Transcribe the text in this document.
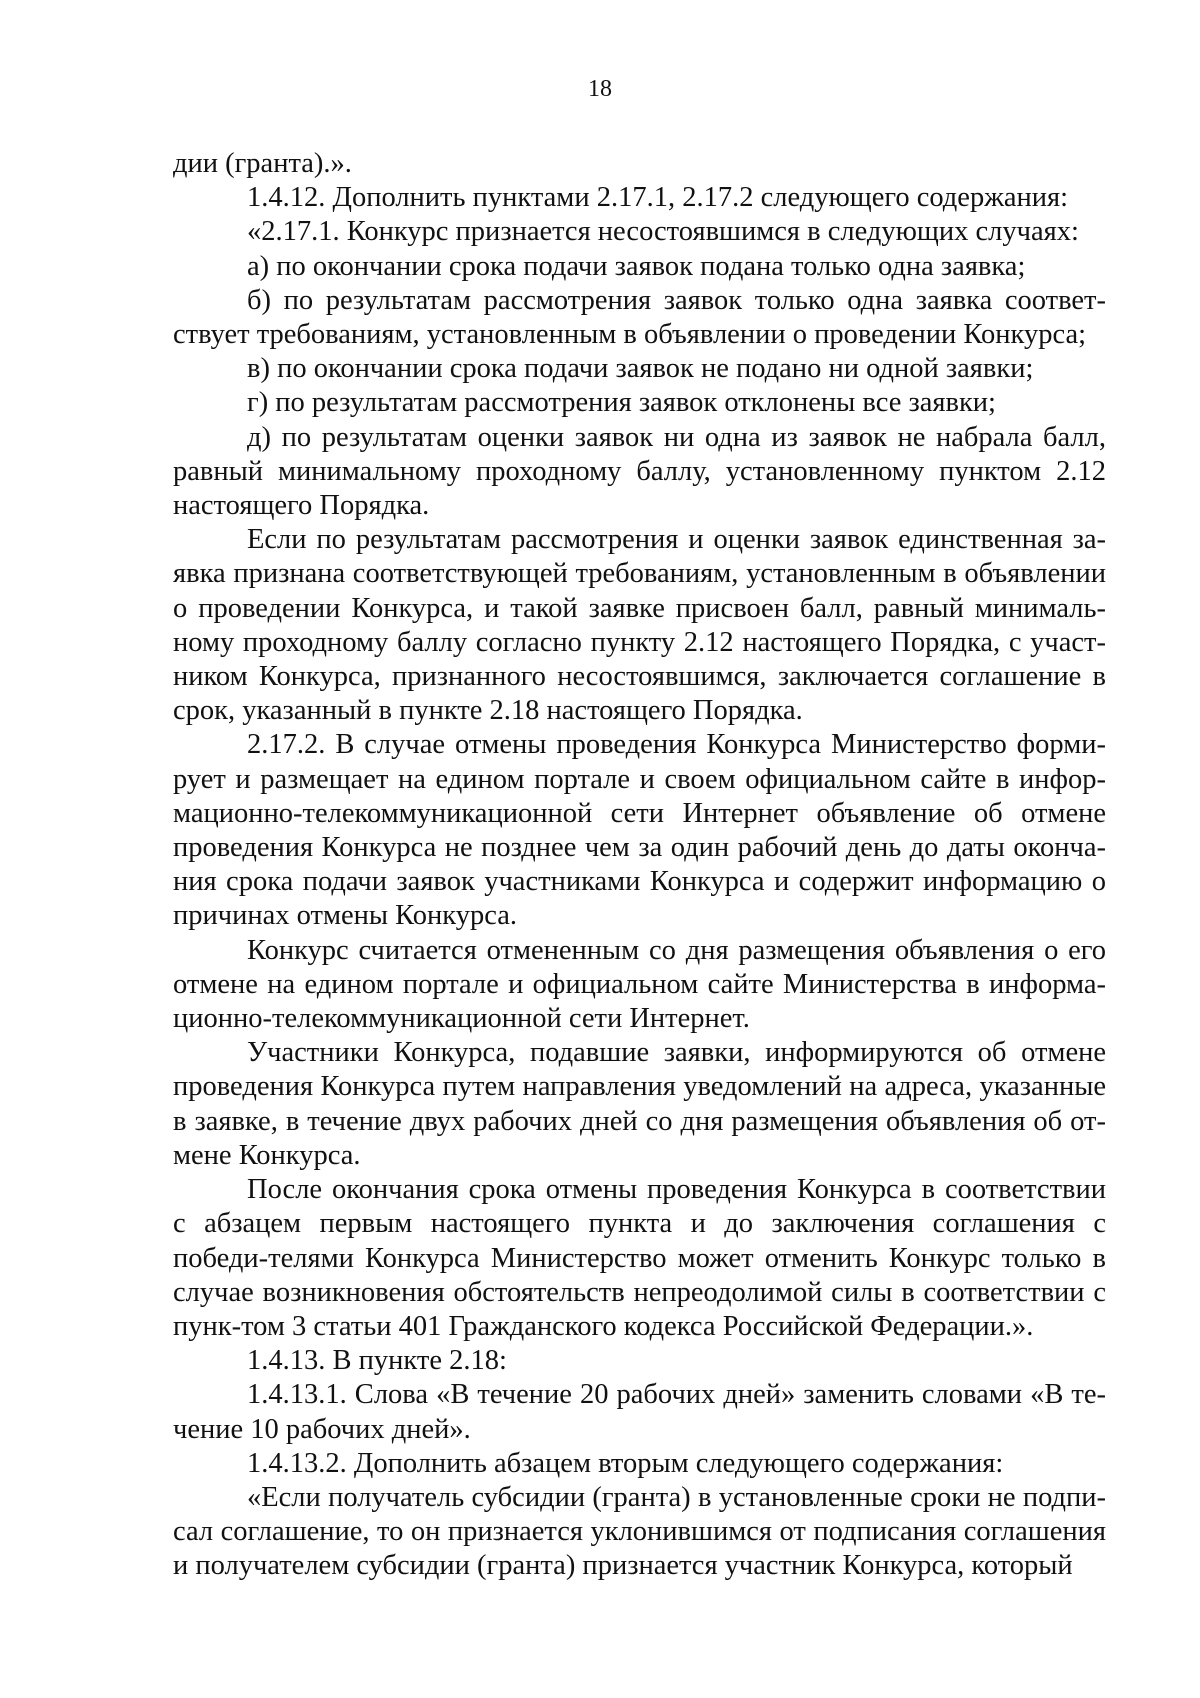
18

дии (гранта).».

1.4.12. Дополнить пунктами 2.17.1, 2.17.2 следующего содержания:

«2.17.1. Конкурс признается несостоявшимся в следующих случаях:

а) по окончании срока подачи заявок подана только одна заявка;

б) по результатам рассмотрения заявок только одна заявка соответ-ствует требованиям, установленным в объявлении о проведении Конкурса;

в) по окончании срока подачи заявок не подано ни одной заявки;

г) по результатам рассмотрения заявок отклонены все заявки;

д) по результатам оценки заявок ни одна из заявок не набрала балл, равный минимальному проходному баллу, установленному пунктом 2.12 настоящего Порядка.

Если по результатам рассмотрения и оценки заявок единственная за-явка признана соответствующей требованиям, установленным в объявлении о проведении Конкурса, и такой заявке присвоен балл, равный минималь-ному проходному баллу согласно пункту 2.12 настоящего Порядка, с участ-ником Конкурса, признанного несостоявшимся, заключается соглашение в срок, указанный в пункте 2.18 настоящего Порядка.

2.17.2. В случае отмены проведения Конкурса Министерство форми-рует и размещает на едином портале и своем официальном сайте в инфор-мационно-телекоммуникационной сети Интернет объявление об отмене проведения Конкурса не позднее чем за один рабочий день до даты оконча-ния срока подачи заявок участниками Конкурса и содержит информацию о причинах отмены Конкурса.

Конкурс считается отмененным со дня размещения объявления о его отмене на едином портале и официальном сайте Министерства в информа-ционно-телекоммуникационной сети Интернет.

Участники Конкурса, подавшие заявки, информируются об отмене проведения Конкурса путем направления уведомлений на адреса, указанные в заявке, в течение двух рабочих дней со дня размещения объявления об от-мене Конкурса.

После окончания срока отмены проведения Конкурса в соответствии с абзацем первым настоящего пункта и до заключения соглашения с победи-телями Конкурса Министерство может отменить Конкурс только в случае возникновения обстоятельств непреодолимой силы в соответствии с пунк-том 3 статьи 401 Гражданского кодекса Российской Федерации.».

1.4.13. В пункте 2.18:

1.4.13.1. Слова «В течение 20 рабочих дней» заменить словами «В те-чение 10 рабочих дней».

1.4.13.2. Дополнить абзацем вторым следующего содержания:

«Если получатель субсидии (гранта) в установленные сроки не подпи-сал соглашение, то он признается уклонившимся от подписания соглашения и получателем субсидии (гранта) признается участник Конкурса, который
